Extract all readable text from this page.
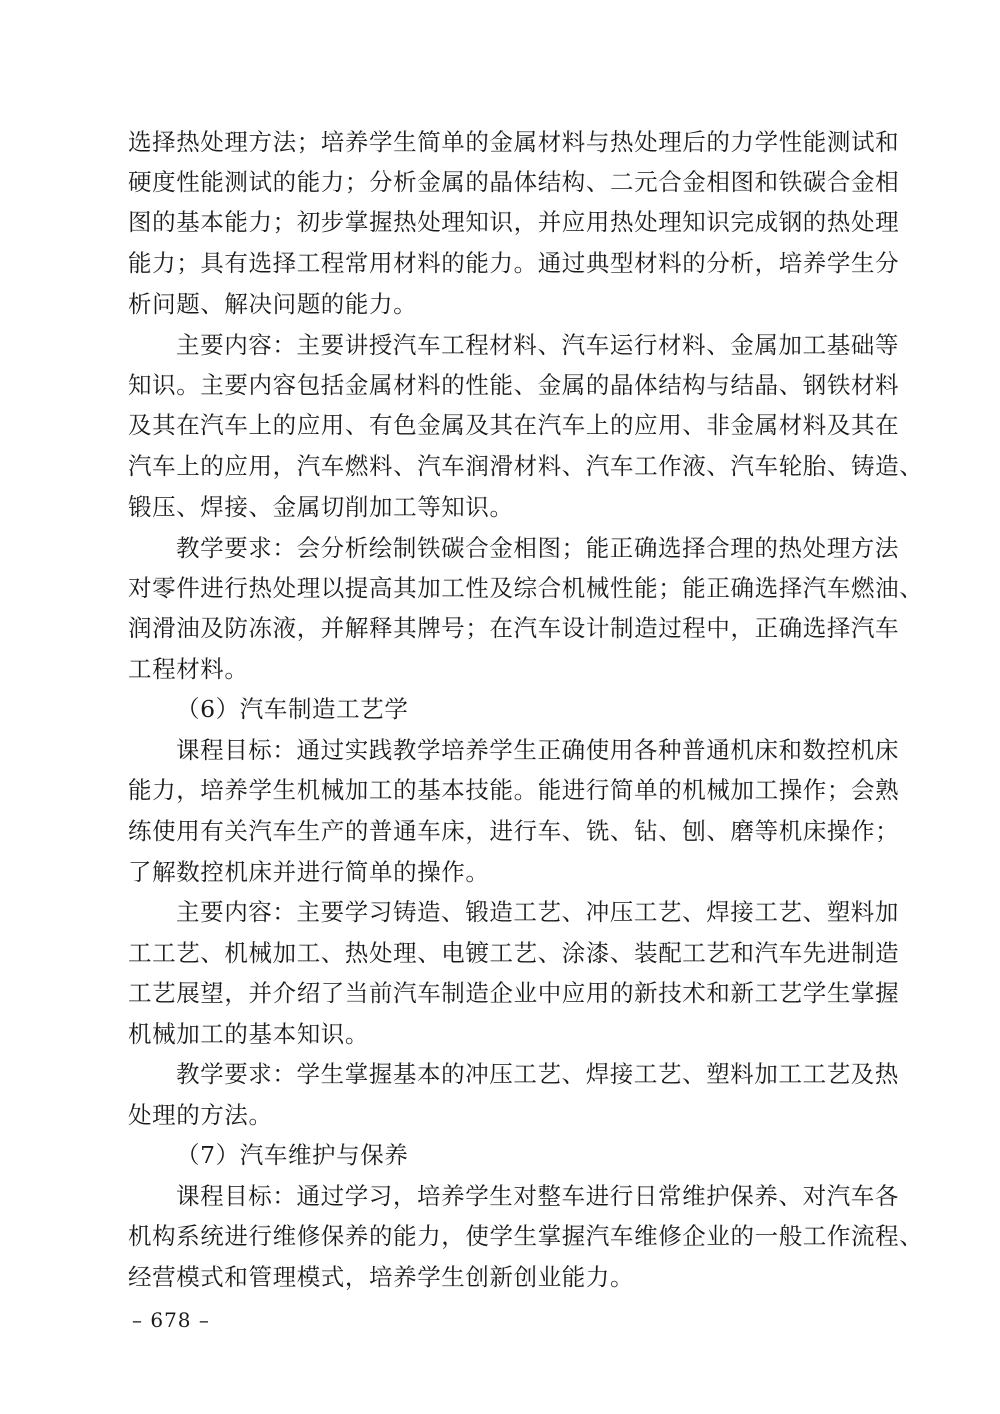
选择热处理方法；培养学生简单的金属材料与热处理后的力学性能测试和
硬度性能测试的能力；分析金属的晶体结构、二元合金相图和铁碳合金相
图的基本能力；初步掌握热处理知识，并应用热处理知识完成钢的热处理
能力；具有选择工程常用材料的能力。通过典型材料的分析，培养学生分
析问题、解决问题的能力。
主要内容：主要讲授汽车工程材料、汽车运行材料、金属加工基础等
知识。主要内容包括金属材料的性能、金属的晶体结构与结晶、钢铁材料
及其在汽车上的应用、有色金属及其在汽车上的应用、非金属材料及其在
汽车上的应用，汽车燃料、汽车润滑材料、汽车工作液、汽车轮胎、铸造、
锻压、焊接、金属切削加工等知识。
教学要求：会分析绘制铁碳合金相图；能正确选择合理的热处理方法
对零件进行热处理以提高其加工性及综合机械性能；能正确选择汽车燃油、
润滑油及防冻液，并解释其牌号；在汽车设计制造过程中，正确选择汽车
工程材料。
（6）汽车制造工艺学
课程目标：通过实践教学培养学生正确使用各种普通机床和数控机床
能力，培养学生机械加工的基本技能。能进行简单的机械加工操作；会熟
练使用有关汽车生产的普通车床，进行车、铣、钻、刨、磨等机床操作；
了解数控机床并进行简单的操作。
主要内容：主要学习铸造、锻造工艺、冲压工艺、焊接工艺、塑料加
工工艺、机械加工、热处理、电镀工艺、涂漆、装配工艺和汽车先进制造
工艺展望，并介绍了当前汽车制造企业中应用的新技术和新工艺学生掌握
机械加工的基本知识。
教学要求：学生掌握基本的冲压工艺、焊接工艺、塑料加工工艺及热
处理的方法。
（7）汽车维护与保养
课程目标：通过学习，培养学生对整车进行日常维护保养、对汽车各
机构系统进行维修保养的能力，使学生掌握汽车维修企业的一般工作流程、
经营模式和管理模式，培养学生创新创业能力。
– 678 –
